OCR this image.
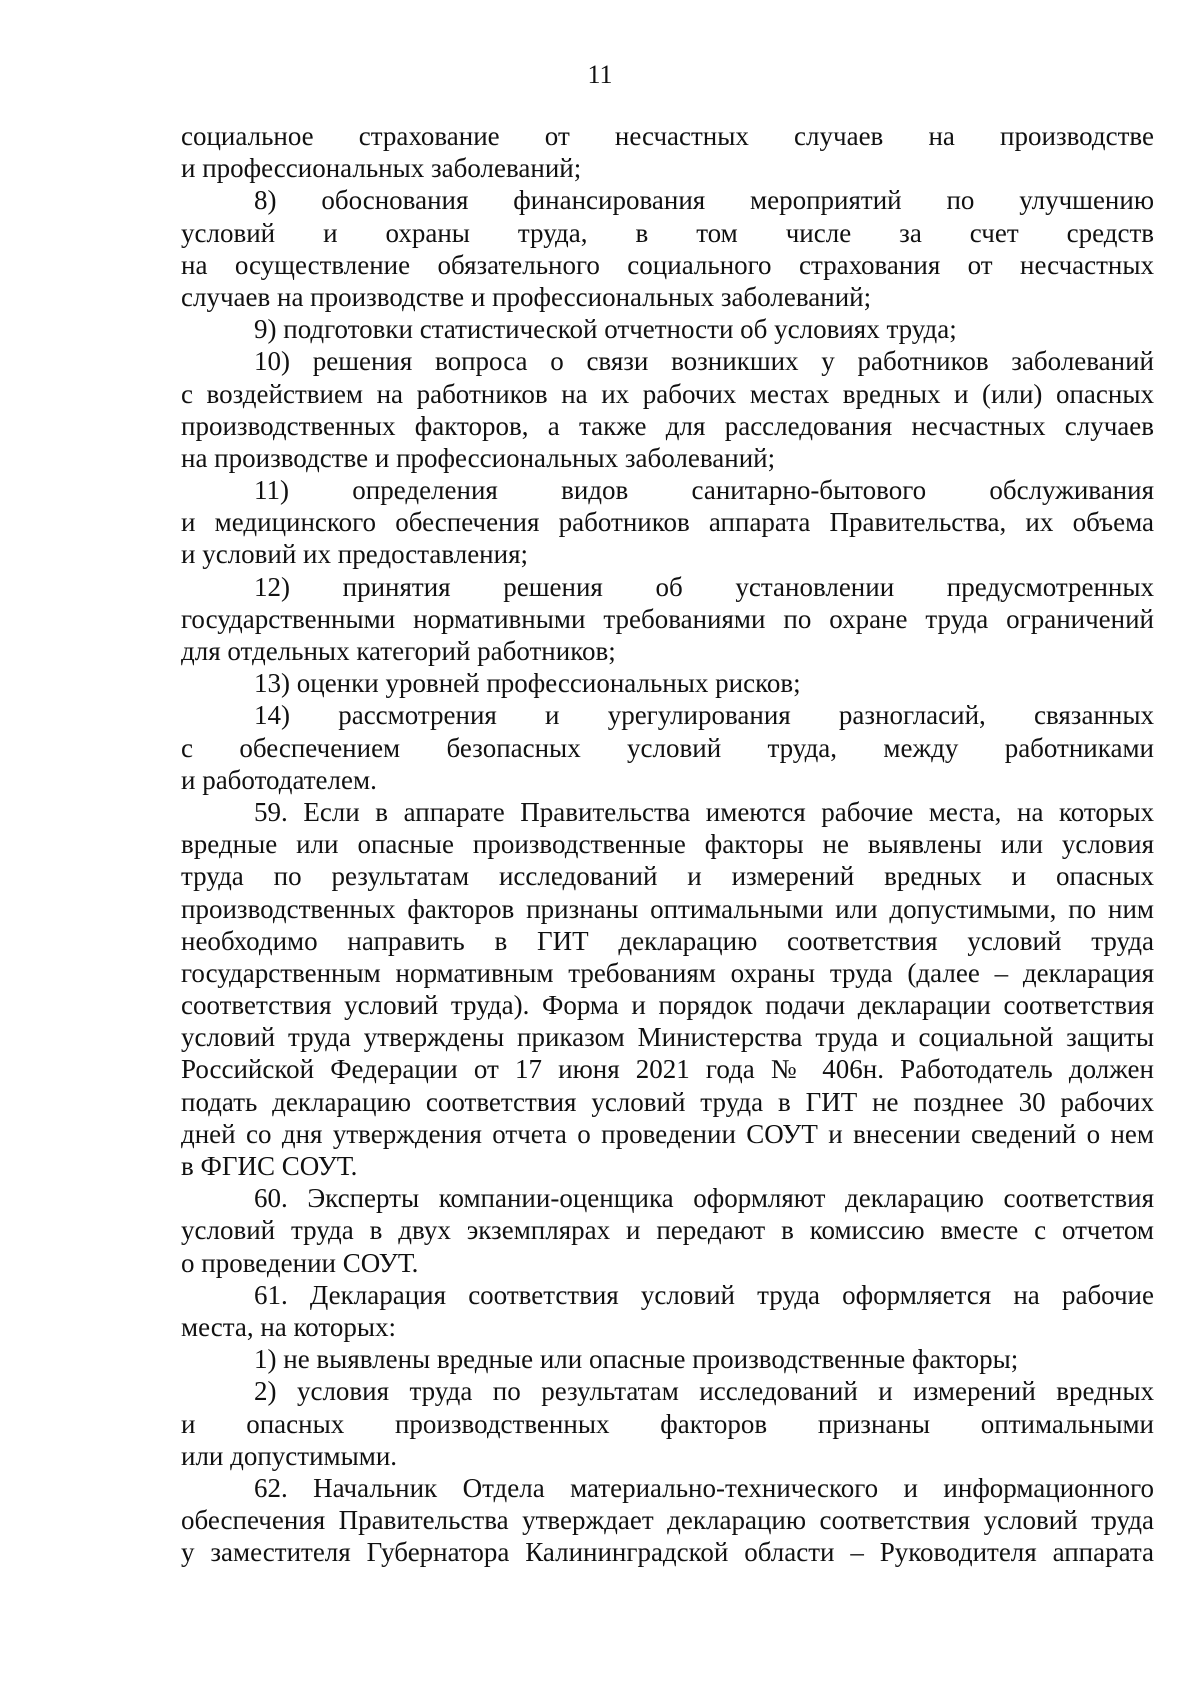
11
социальное страхование от несчастных случаев на производстве
и профессиональных заболеваний;
8) обоснования финансирования мероприятий по улучшению
условий и охраны труда, в том числе за счет средств
на осуществление обязательного социального страхования от несчастных
случаев на производстве и профессиональных заболеваний;
9) подготовки статистической отчетности об условиях труда;
10) решения вопроса о связи возникших у работников заболеваний
с воздействием на работников на их рабочих местах вредных и (или) опасных
производственных факторов, а также для расследования несчастных случаев
на производстве и профессиональных заболеваний;
11) определения видов санитарно-бытового обслуживания
и медицинского обеспечения работников аппарата Правительства, их объема
и условий их предоставления;
12) принятия решения об установлении предусмотренных
государственными нормативными требованиями по охране труда ограничений
для отдельных категорий работников;
13) оценки уровней профессиональных рисков;
14) рассмотрения и урегулирования разногласий, связанных
с обеспечением безопасных условий труда, между работниками
и работодателем.
59. Если в аппарате Правительства имеются рабочие места, на которых
вредные или опасные производственные факторы не выявлены или условия
труда по результатам исследований и измерений вредных и опасных
производственных факторов признаны оптимальными или допустимыми, по ним
необходимо направить в ГИТ декларацию соответствия условий труда
государственным нормативным требованиям охраны труда (далее – декларация
соответствия условий труда). Форма и порядок подачи декларации соответствия
условий труда утверждены приказом Министерства труда и социальной защиты
Российской Федерации от 17 июня 2021 года № 406н. Работодатель должен
подать декларацию соответствия условий труда в ГИТ не позднее 30 рабочих
дней со дня утверждения отчета о проведении СОУТ и внесении сведений о нем
в ФГИС СОУТ.
60. Эксперты компании-оценщика оформляют декларацию соответствия
условий труда в двух экземплярах и передают в комиссию вместе с отчетом
о проведении СОУТ.
61. Декларация соответствия условий труда оформляется на рабочие
места, на которых:
1) не выявлены вредные или опасные производственные факторы;
2) условия труда по результатам исследований и измерений вредных
и опасных производственных факторов признаны оптимальными
или допустимыми.
62. Начальник Отдела материально-технического и информационного
обеспечения Правительства утверждает декларацию соответствия условий труда
у заместителя Губернатора Калининградской области – Руководителя аппарата
